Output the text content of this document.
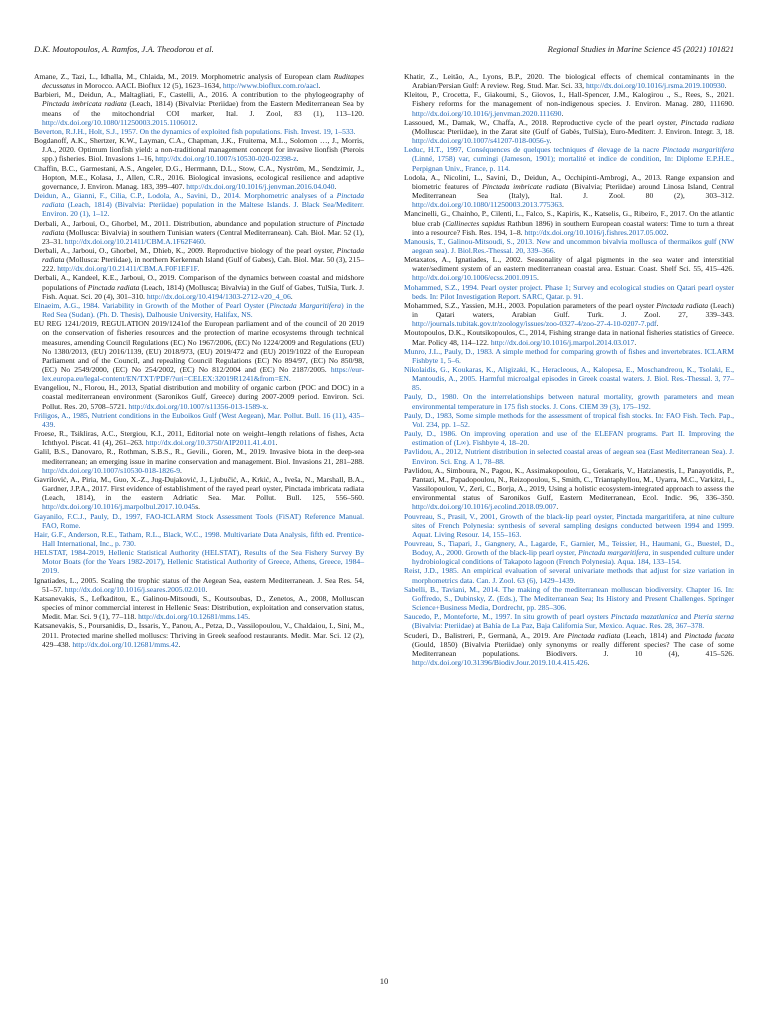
D.K. Moutopoulos, A. Ramfos, J.A. Theodorou et al.	Regional Studies in Marine Science 45 (2021) 101821

Amane, Z., Tazi, L., Idhalla, M., Chlaida, M., 2019. Morphometric analysis of European clam Ruditapes decussatus in Morocco. AACL Bioflux 12 (5), 1623–1634, http://www.bioflux.com.ro/aacl.

Barbieri, M., Deidun, A., Maltagliati, F., Castelli, A., 2016. A contribution to the phylogeography of Pinctada imbricata radiata (Leach, 1814) (Bivalvia: Pteriidae) from the Eastern Mediterranean Sea by means of the mitochondrial COI marker, Ital. J. Zool, 83 (1), 113–120. http://dx.doi.org/10.1080/11250003.2015.1106012.

Beverton, R.J.H., Holt, S.J., 1957. On the dynamics of exploited fish populations. Fish. Invest. 19, 1–533.

Bogdanoff, A.K., Shertzer, K.W., Layman, C.A., Chapman, J.K., Fruitema, M.L., Solomon …, J., Morris, J.A., 2020. Optimum lionfish yield: a non-traditional management concept for invasive lionfish (Pterois spp.) fisheries. Biol. Invasions 1–16, http://dx.doi.org/10.1007/s10530-020-02398-z.

Chaffin, B.C., Garmestani, A.S., Angeler, D.G., Herrmann, D.L., Stow, C.A., Nyström, M., Sendzimir, J., Hopton, M.E., Kolasa, J., Allen, C.R., 2016. Biological invasions, ecological resilience and adaptive governance, J. Environ. Manag. 183, 399–407. http://dx.doi.org/10.1016/j.jenvman.2016.04.040.

Deidun, A., Gianni, F., Cilia, C.P., Lodola, A., Savini, D., 2014. Morphometric analyses of a Pinctada radiata (Leach, 1814) (Bivalvia: Pteriidae) population in the Maltese Islands. J. Black Sea/Mediterr. Environ. 20 (1), 1–12.

Derbali, A., Jarboui, O., Ghorbel, M., 2011. Distribution, abundance and population structure of Pinctada radiata (Mollusca: Bivalvia) in southern Tunisian waters (Central Mediterranean). Cah. Biol. Mar. 52 (1), 23–31. http://dx.doi.org/10.21411/CBM.A.1F62F460.

Derbali, A., Jarboui, O., Ghorbel, M., Dhieb, K., 2009. Reproductive biology of the pearl oyster, Pinctada radiata (Mollusca: Pteriidae), in northern Kerkennah Island (Gulf of Gabes), Cah. Biol. Mar. 50 (3), 215–222. http://dx.doi.org/10.21411/CBM.A.F0F1EF1F.

Derbali, A., Kandeel, K.E., Jarboui, O., 2019. Comparison of the dynamics between coastal and midshore populations of Pinctada radiata (Leach, 1814) (Mollusca; Bivalvia) in the Gulf of Gabes, TulSia, Turk. J. Fish. Aquat. Sci. 20 (4), 301–310. http://dx.doi.org/10.4194/1303-2712-v20_4_06.

Elnaeim, A.G., 1984. Variability in Growth of the Mother of Pearl Oyster (Pinctada Margaritifera) in the Red Sea (Sudan). (Ph. D. Thesis), Dalhousie University, Halifax, NS.

EU REG 1241/2019, REGULATION 2019/1241of the European parliament and of the council of 20 2019 on the conservation of fisheries resources and the protection of marine ecosystems through technical measures, amending Council Regulations (EC) No 1967/2006, (EC) No 1224/2009 and Regulations (EU) No 1380/2013, (EU) 2016/1139, (EU) 2018/973, (EU) 2019/472 and (EU) 2019/1022 of the European Parliament and of the Council, and repealing Council Regulations (EC) No 894/97, (EC) No 850/98, (EC) No 2549/2000, (EC) No 254/2002, (EC) No 812/2004 and (EC) No 2187/2005. https://eur-lex.europa.eu/legal-content/EN/TXT/PDF/?uri=CELEX:32019R1241&from=EN.

Evangeliou, N., Florou, H., 2013, Spatial distribution and mobility of organic carbon (POC and DOC) in a coastal mediterranean environment (Saronikos Gulf, Greece) during 2007-2009 period. Environ. Sci. Pollut. Res. 20, 5708–5721. http://dx.doi.org/10.1007/s11356-013-1589-x.

Friligos, A., 1985, Nutrient conditions in the Euboikos Gulf (West Aegean), Mar. Pollut. Bull. 16 (11), 435–439.

Froese, R., Tsikliras, A.C., Stergiou, K.I., 2011, Editorial note on weight–length relations of fishes, Acta Ichthyol. Piscat. 41 (4), 261–263. http://dx.doi.org/10.3750/AIP2011.41.4.01.

Galil, B.S., Danovaro, R., Rothman, S.B.S., R., Gevili., Goren, M., 2019. Invasive biota in the deep-sea mediterranean; an emerging issue in marine conservation and management. Biol. Invasions 21, 281–288. http://dx.doi.org/10.1007/s10530-018-1826-9.

Gavrilović, A., Piria, M., Guo, X.-Z., Jug-Dujaković, J., Ljubučić, A., Krkić, A., Iveša, N., Marshall, B.A., Gardner, J.P.A., 2017. First evidence of establishment of the rayed pearl oyster, Pinctada imbricata radiata (Leach, 1814), in the eastern Adriatic Sea. Mar. Pollut. Bull. 125, 556–560. http://dx.doi.org/10.1016/j.marpolbul.2017.10.045s.

Gayanilo, F.C.J., Pauly, D., 1997, FAO-ICLARM Stock Assessment Tools (FiSAT) Reference Manual. FAO, Rome.

Hair, G.F., Anderson, R.E., Tatham, R.L., Black, W.C., 1998. Multivariate Data Analysis, fifth ed. Prentice-Hall International, Inc., p. 730.

HELSTAT, 1984-2019, Hellenic Statistical Authority (HELSTAT), Results of the Sea Fishery Survey By Motor Boats (for the Years 1982-2017), Hellenic Statistical Authority of Greece, Athens, Greece, 1984–2019.

Ignatiades, L., 2005. Scaling the trophic status of the Aegean Sea, eastern Mediterranean. J. Sea Res. 54, 51–57. http://dx.doi.org/10.1016/j.seares.2005.02.010.

Katsanevakis, S., Lefkaditou, E., Galinou-Mitsoudi, S., Koutsoubas, D., Zenetos, A., 2008, Molluscan species of minor commercial interest in Hellenic Seas: Distribution, exploitation and conservation status, Medit. Mar. Sci. 9 (1), 77–118. http://dx.doi.org/10.12681/mms.145.

Katsanevakis, S., Poursanidis, D., Issaris, Y., Panou, A., Petza, D., Vassilopoulou, V., Chaldaiou, I., Sini, M., 2011. Protected marine shelled molluscs: Thriving in Greek seafood restaurants. Medit. Mar. Sci. 12 (2), 429–438. http://dx.doi.org/10.12681/mms.42.

Khatir, Z., Leitão, A., Lyons, B.P., 2020. The biological effects of chemical contaminants in the Arabian/Persian Gulf: A review. Reg. Stud. Mar. Sci. 33, http://dx.doi.org/10.1016/j.rsma.2019.100930.

Kleitou, P., Crocetta, F., Giakoumi, S., Giovos, I., Hall-Spencer, J.M., Kalogirou ., S., Rees, S., 2021. Fishery reforms for the management of non-indigenous species. J. Environ. Manag. 280, 111690. http://dx.doi.org/10.1016/j.jenvman.2020.111690.

Lassoued, M., Damak, W., Chaffa, A., 2018. Reproductive cycle of the pearl oyster, Pinctada radiata (Mollusca: Pteriidae), in the Zarat site (Gulf of Gabès, TulSia), Euro-Mediterr. J. Environ. Integr. 3, 18. http://dx.doi.org/10.1007/s41207-018-0056-y.

Leduc, H.T., 1997, Conséquences de quelques techniques d' élevage de la nacre Pinctada margaritifera (Linné, 1758) var, cumingi (Jameson, 1901); mortalité et indice de condition, In: Diplome E.P.H.E., Perpignan Univ., France, p. 114.

Lodola, A., Nicolini, L., Savini, D., Deidun, A., Occhipinti-Ambrogi, A., 2013. Range expansion and biometric features of Pinctada imbricate radiata (Bivalvia; Pteriidae) around Linosa Island, Central Mediterranean Sea (Italy), Ital. J. Zool. 80 (2), 303–312. http://dx.doi.org/10.1080/11250003.2013.775363.

Mancinelli, G., Chainho, P., Cilenti, L., Falco, S., Kapiris, K., Katselis, G., Ribeiro, F., 2017. On the atlantic blue crab (Callinectes sapidus Rathbun 1896) in southern European coastal waters: Time to turn a threat into a resource? Fish. Res. 194, 1–8. http://dx.doi.org/10.1016/j.fishres.2017.05.002.

Manousis, T., Galinou-Mitsoudi, S., 2013. New and uncommon bivalvia mollusca of thermaikos gulf (NW aegean sea). J. Biol.Res.-Thessal. 20, 339–366.

Metaxatos, A., Ignatiades, L., 2002. Seasonality of algal pigments in the sea water and interstitial water/sediment system of an eastern mediterranean coastal area. Estuar. Coast. Shelf Sci. 55, 415–426. http://dx.doi.org/10.1006/ecss.2001.0915.

Mohammed, S.Z., 1994. Pearl oyster project. Phase 1; Survey and ecological studies on Qatari pearl oyster beds. In: Pilot Investigation Report. SARC, Qatar. p. 91.

Mohammed, S.Z., Yassien, M.H., 2003. Population parameters of the pearl oyster Pinctada radiata (Leach) in Qatari waters, Arabian Gulf. Turk. J. Zool. 27, 339–343. http://journals.tubitak.gov.tr/zoology/issues/zoo-0327-4/zoo-27-4-10-0207-7.pdf.

Moutopoulos, D.K., Koutsikopoulos, C., 2014, Fishing strange data in national fisheries statistics of Greece. Mar. Policy 48, 114–122. http://dx.doi.org/10.1016/j.marpol.2014.03.017.

Munro, J.L., Pauly, D., 1983. A simple method for comparing growth of fishes and invertebrates. ICLARM Fishbyte 1, 5–6.

Nikolaidis, G., Koukaras, K., Aligizaki, K., Heracleous, A., Kalopesa, E., Moschandreou, K., Tsolaki, E., Mantoudis, A., 2005. Harmful microalgal episodes in Greek coastal waters. J. Biol. Res.-Thessal. 3, 77–85.

Pauly, D., 1980. On the interrelationships between natural mortality, growth parameters and mean environmental temperature in 175 fish stocks. J. Cons. CIEM 39 (3), 175–192.

Pauly, D., 1983, Some simple methods for the assessment of tropical fish stocks. In: FAO Fish. Tech. Pap., Vol. 234, pp. 1–52.

Pauly, D., 1986. On improving operation and use of the ELEFAN programs. Part II. Improving the estimation of (L∞). Fishbyte 4, 18–20.

Pavlidou, A., 2012, Nutrient distribution in selected coastal areas of aegean sea (East Mediterranean Sea). J. Environ. Sci. Eng. A 1, 78–88.

Pavlidou, A., Simboura, N., Pagou, K., Assimakopoulou, G., Gerakaris, V., Hatzianestis, I., Panayotidis, P., Pantazi, M., Papadopoulou, N., Reizopoulou, S., Smith, C., Triantaphyllou, M., Uyarra, M.C., Varkitzi, I., Vassilopoulou, V., Zeri, C., Borja, A., 2019, Using a holistic ecosystem-integrated approach to assess the environmental status of Saronikos Gulf, Eastern Mediterranean, Ecol. Indic. 96, 336–350. http://dx.doi.org/10.1016/j.ecolind.2018.09.007.

Pouvreau, S., Prasil, V., 2001, Growth of the black-lip pearl oyster, Pinctada margaritifera, at nine culture sites of French Polynesia: synthesis of several sampling designs conducted between 1994 and 1999. Aquat. Living Resour. 14, 155–163.

Pouvreau, S., Tiapari, J., Gangnery, A., Lagarde, F., Garnier, M., Teissier, H., Haumani, G., Buestel, D., Bodoy, A., 2000. Growth of the black-lip pearl oyster, Pinctada margaritifera, in suspended culture under hydrobiological conditions of Takapoto lagoon (French Polynesia). Aqua. 184, 133–154.

Reist, J.D., 1985. An empirical evaluation of several univariate methods that adjust for size variation in morphometrics data. Can. J. Zool. 63 (6), 1429–1439.

Sabelli, B., Taviani, M., 2014. The making of the mediterranean molluscan biodiversity. Chapter 16. In: Goffredo, S., Dubinsky, Z. (Eds.), The Mediterranean Sea; Its History and Present Challenges. Springer Science+Business Media, Dordrecht, pp. 285–306.

Saucedo, P., Monteforte, M., 1997. In situ growth of pearl oysters Pinctada mazatlanica and Pteria sterna (Bivalvia: Pteriidae) at Bahía de La Paz, Baja California Sur, Mexico. Aquac. Res. 28, 367–378.

Scuderi, D., Balistreri, P., Germanà, A., 2019. Are Pinctada radiata (Leach, 1814) and Pinctada fucata (Gould, 1850) (Bivalvia Pteriidae) only synonyms or really different species? The case of some Mediterranean populations. Biodivers. J. 10 (4), 415–526. http://dx.doi.org/10.31396/Biodiv.Jour.2019.10.4.415.426.

10
